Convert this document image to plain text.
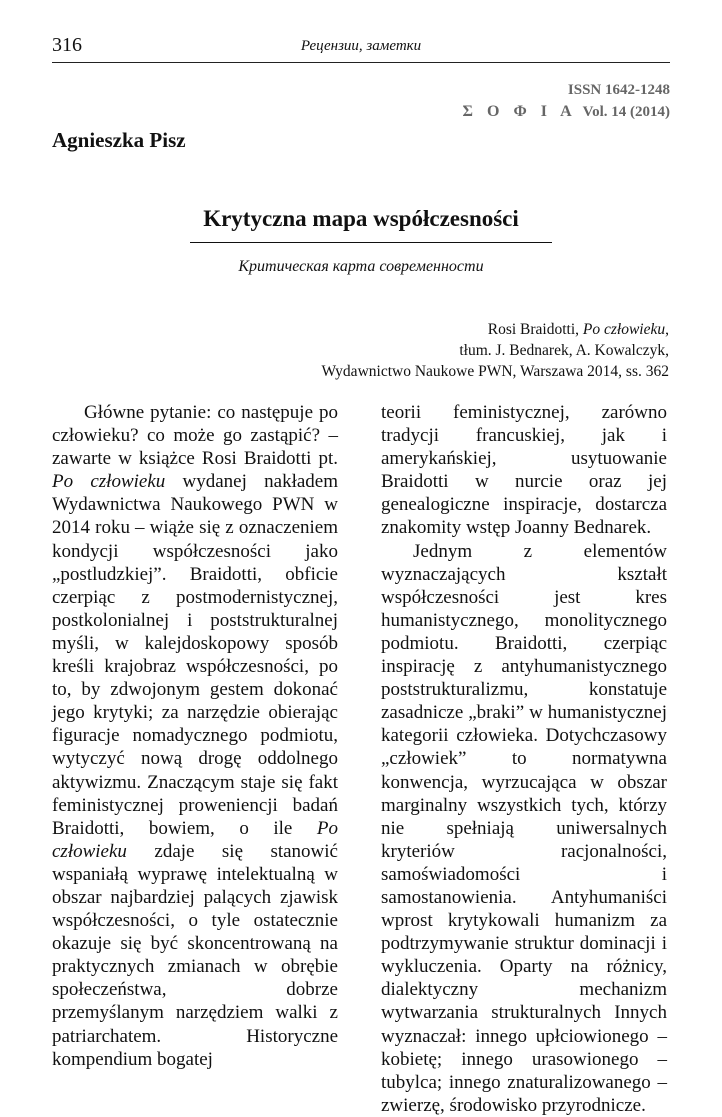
316	Рецензии, заметки
ISSN 1642-1248
Σ Ο Φ Ι Α Vol. 14 (2014)
Agnieszka Pisz
Krytyczna mapa współczesności
Критическая карта современности
Rosi Braidotti, Po człowieku,
tłum. J. Bednarek, A. Kowalczyk,
Wydawnictwo Naukowe PWN, Warszawa 2014, ss. 362

Główne pytanie: co następuje po człowieku? co może go zastąpić? – zawarte w książce Rosi Braidotti pt. Po człowieku wydanej nakładem Wydawnictwa Naukowego PWN w 2014 roku – wiąże się z oznaczeniem kondycji współczesności jako „postludzkiej”. Braidotti, obficie czerpiąc z postmodernistycznej, postkolonialnej i poststrukturalnej myśli, w kalejdoskopowy sposób kreśli krajobraz współczesności, po to, by zdwojonym gestem dokonać jego krytyki; za narzędzie obierając figuracje nomadycznego podmiotu, wytyczyć nową drogę oddolnego aktywizmu. Znaczącym staje się fakt feministycznej proweniencji badań Braidotti, bowiem, o ile Po człowieku zdaje się stanowić wspaniałą wyprawę intelektualną w obszar najbardziej palących zjawisk współczesności, o tyle ostatecznie okazuje się być skoncentrowaną na praktycznych zmianach w obrębie społeczeństwa, dobrze przemyślanym narzędziem walki z patriarchatem. Historyczne kompendium bogatej

teorii feministycznej, zarówno tradycji francuskiej, jak i amerykańskiej, usytuowanie Braidotti w nurcie oraz jej genealogiczne inspiracje, dostarcza znakomity wstęp Joanny Bednarek.

Jednym z elementów wyznaczających kształt współczesności jest kres humanistycznego, monolitycznego podmiotu. Braidotti, czerpiąc inspirację z antyhumanistycznego poststrukturalizmu, konstatuje zasadnicze „braki” w humanistycznej kategorii człowieka. Dotychczasowy „człowiek” to normatywna konwencja, wyrzucająca w obszar marginalny wszystkich tych, którzy nie spełniają uniwersalnych kryteriów racjonalności, samoświadomości i samostanowienia. Antyhumaniści wprost krytykowali humanizm za podtrzymywanie struktur dominacji i wykluczenia. Oparty na różnicy, dialektyczny mechanizm wytwarzania strukturalnych Innych wyznaczał: innego upłciowionego – kobietę; innego urasowionego – tubylca; innego znaturalizowanego – zwierzę, środowisko przyrodnicze.
